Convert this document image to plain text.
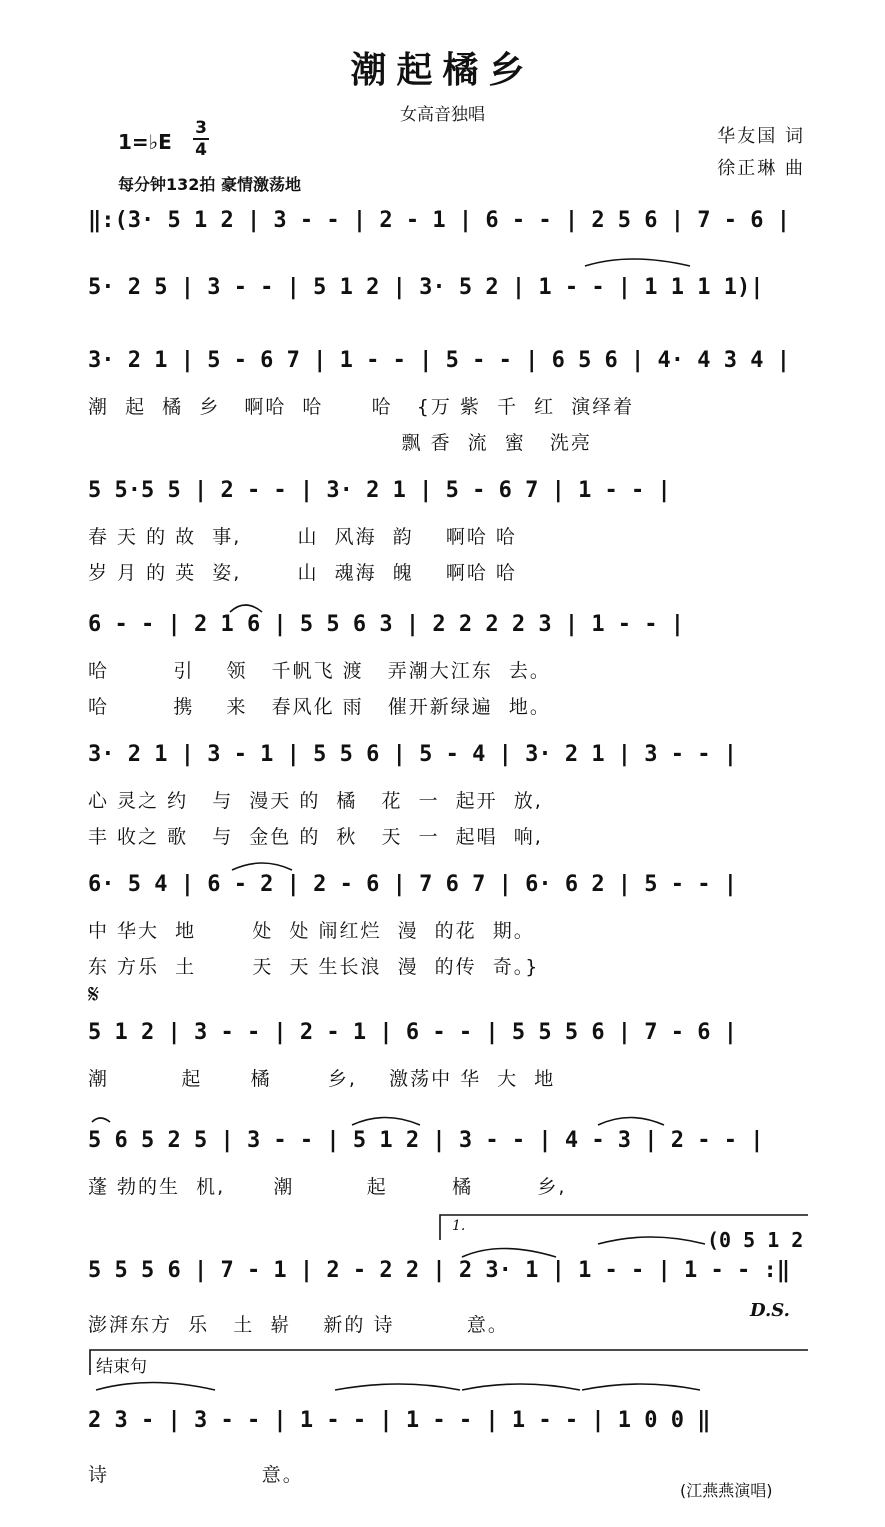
潮起橘乡
女高音独唱
华友国 词
徐正琳 曲
1=♭E
3
4
每分钟132拍 豪情激荡地
‖:(3· 5 1 2 | 3 - - | 2 - 1 | 6 - - | 2 5 6 | 7 - 6 |
5· 2 5 | 3 - - | 5 1 2 | 3· 5 2 | 1 - - | 1 1 1 1)|
3· 2 1 | 5 - 6 7 | 1 - - | 5 - - | 6 5 6 | 4· 4 3 4 |
潮  起  橘  乡   啊哈  哈      哈   {万 紫  千  红  演绎着
飘 香  流  蜜   洗亮
5 5·5 5 | 2 - - | 3· 2 1 | 5 - 6 7 | 1 - - |
春 天 的 故  事,       山  风海  韵    啊哈 哈
岁 月 的 英  姿,       山  魂海  魄    啊哈 哈
6 - - | 2 1 6 | 5 5 6 3 | 2 2 2 2 3 | 1 - - |
哈        引    领   千帆飞 渡   弄潮大江东  去。
哈        携    来   春风化 雨   催开新绿遍  地。
3· 2 1 | 3 - 1 | 5 5 6 | 5 - 4 | 3· 2 1 | 3 - - |
心 灵之 约   与  漫天 的  橘   花  一  起开  放,
丰 收之 歌   与  金色 的  秋   天  一  起唱  响,
6· 5 4 | 6 - 2 | 2 - 6 | 7 6 7 | 6· 6 2 | 5 - - |
中 华大  地       处  处 闹红烂  漫  的花  期。
东 方乐  土       天  天 生长浪  漫  的传  奇。}
5 1 2 | 3 - - | 2 - 1 | 6 - - | 5 5 5 6 | 7 - 6 |
潮         起      橘       乡,    激荡中 华  大  地
5 6 5 2 5 | 3 - - | 5 1 2 | 3 - - | 4 - 3 | 2 - - |
蓬 勃的生  机,      潮         起        橘        乡,
5 5 5 6 | 7 - 1 | 2 - 2 2 | 2 3· 1 | 1 - - | 1 - - :‖
澎湃东方  乐   土  崭    新的 诗         意。
2 3 - | 3 - - | 1 - - | 1 - - | 1 - - | 1 0 0 ‖
诗                   意。
𝄋
1.
(0 5 1 2
D.S.
结束句
(江燕燕演唱)
